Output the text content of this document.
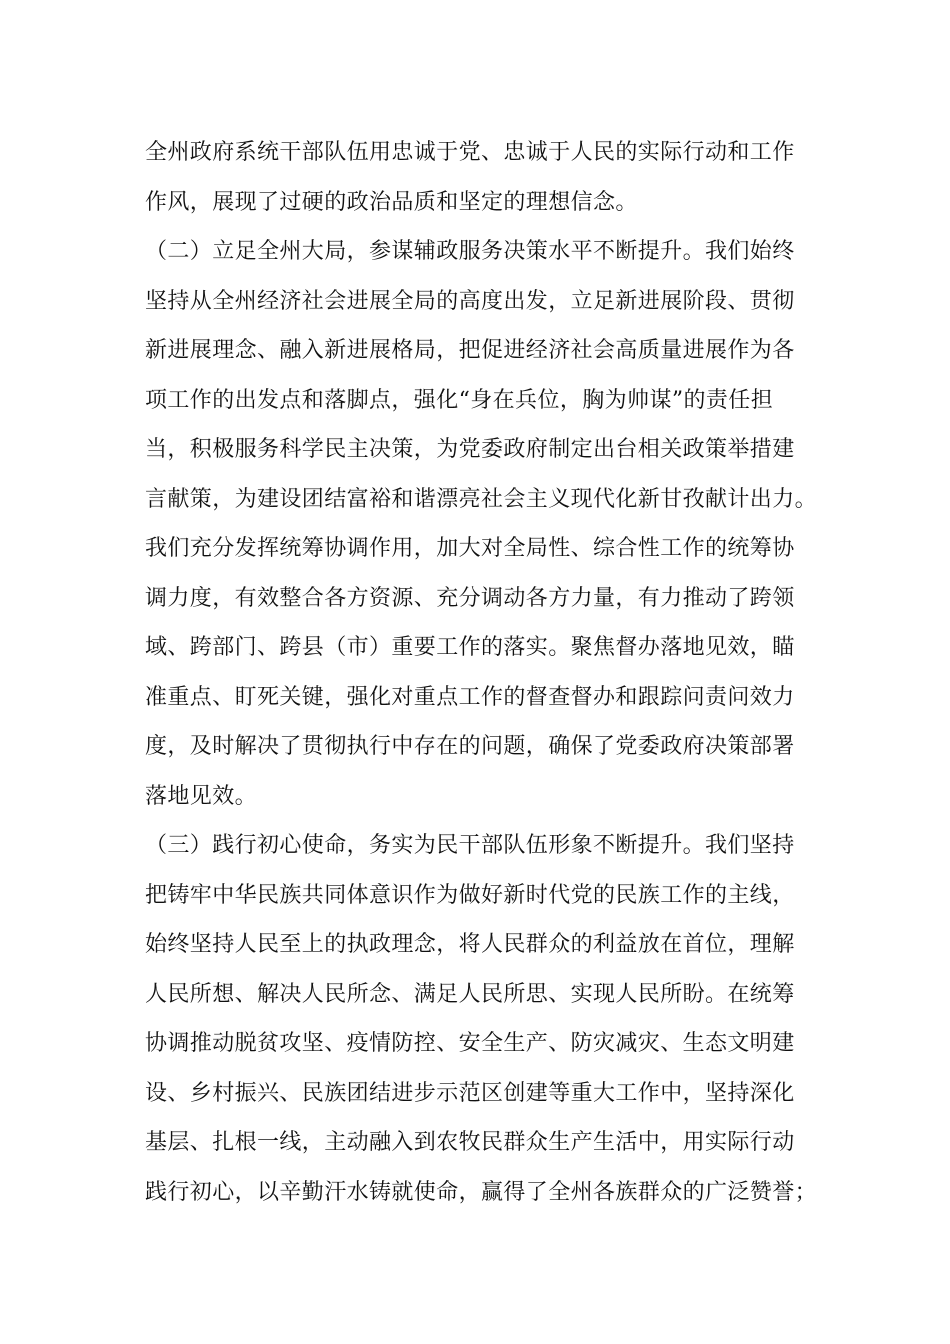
全州政府系统干部队伍用忠诚于党、忠诚于人民的实际行动和工作
作风，展现了过硬的政治品质和坚定的理想信念。
（二）立足全州大局，参谋辅政服务决策水平不断提升。我们始终
坚持从全州经济社会进展全局的高度出发，立足新进展阶段、贯彻
新进展理念、融入新进展格局，把促进经济社会高质量进展作为各
项工作的出发点和落脚点，强化“身在兵位，胸为帅谋”的责任担
当，积极服务科学民主决策，为党委政府制定出台相关政策举措建
言献策，为建设团结富裕和谐漂亮社会主义现代化新甘孜献计出力。
我们充分发挥统筹协调作用，加大对全局性、综合性工作的统筹协
调力度，有效整合各方资源、充分调动各方力量，有力推动了跨领
域、跨部门、跨县（市）重要工作的落实。聚焦督办落地见效，瞄
准重点、盯死关键，强化对重点工作的督查督办和跟踪问责问效力
度，及时解决了贯彻执行中存在的问题，确保了党委政府决策部署
落地见效。
（三）践行初心使命，务实为民干部队伍形象不断提升。我们坚持
把铸牢中华民族共同体意识作为做好新时代党的民族工作的主线，
始终坚持人民至上的执政理念，将人民群众的利益放在首位，理解
人民所想、解决人民所念、满足人民所思、实现人民所盼。在统筹
协调推动脱贫攻坚、疫情防控、安全生产、防灾减灾、生态文明建
设、乡村振兴、民族团结进步示范区创建等重大工作中，坚持深化
基层、扎根一线，主动融入到农牧民群众生产生活中，用实际行动
践行初心，以辛勤汗水铸就使命，赢得了全州各族群众的广泛赞誉；
